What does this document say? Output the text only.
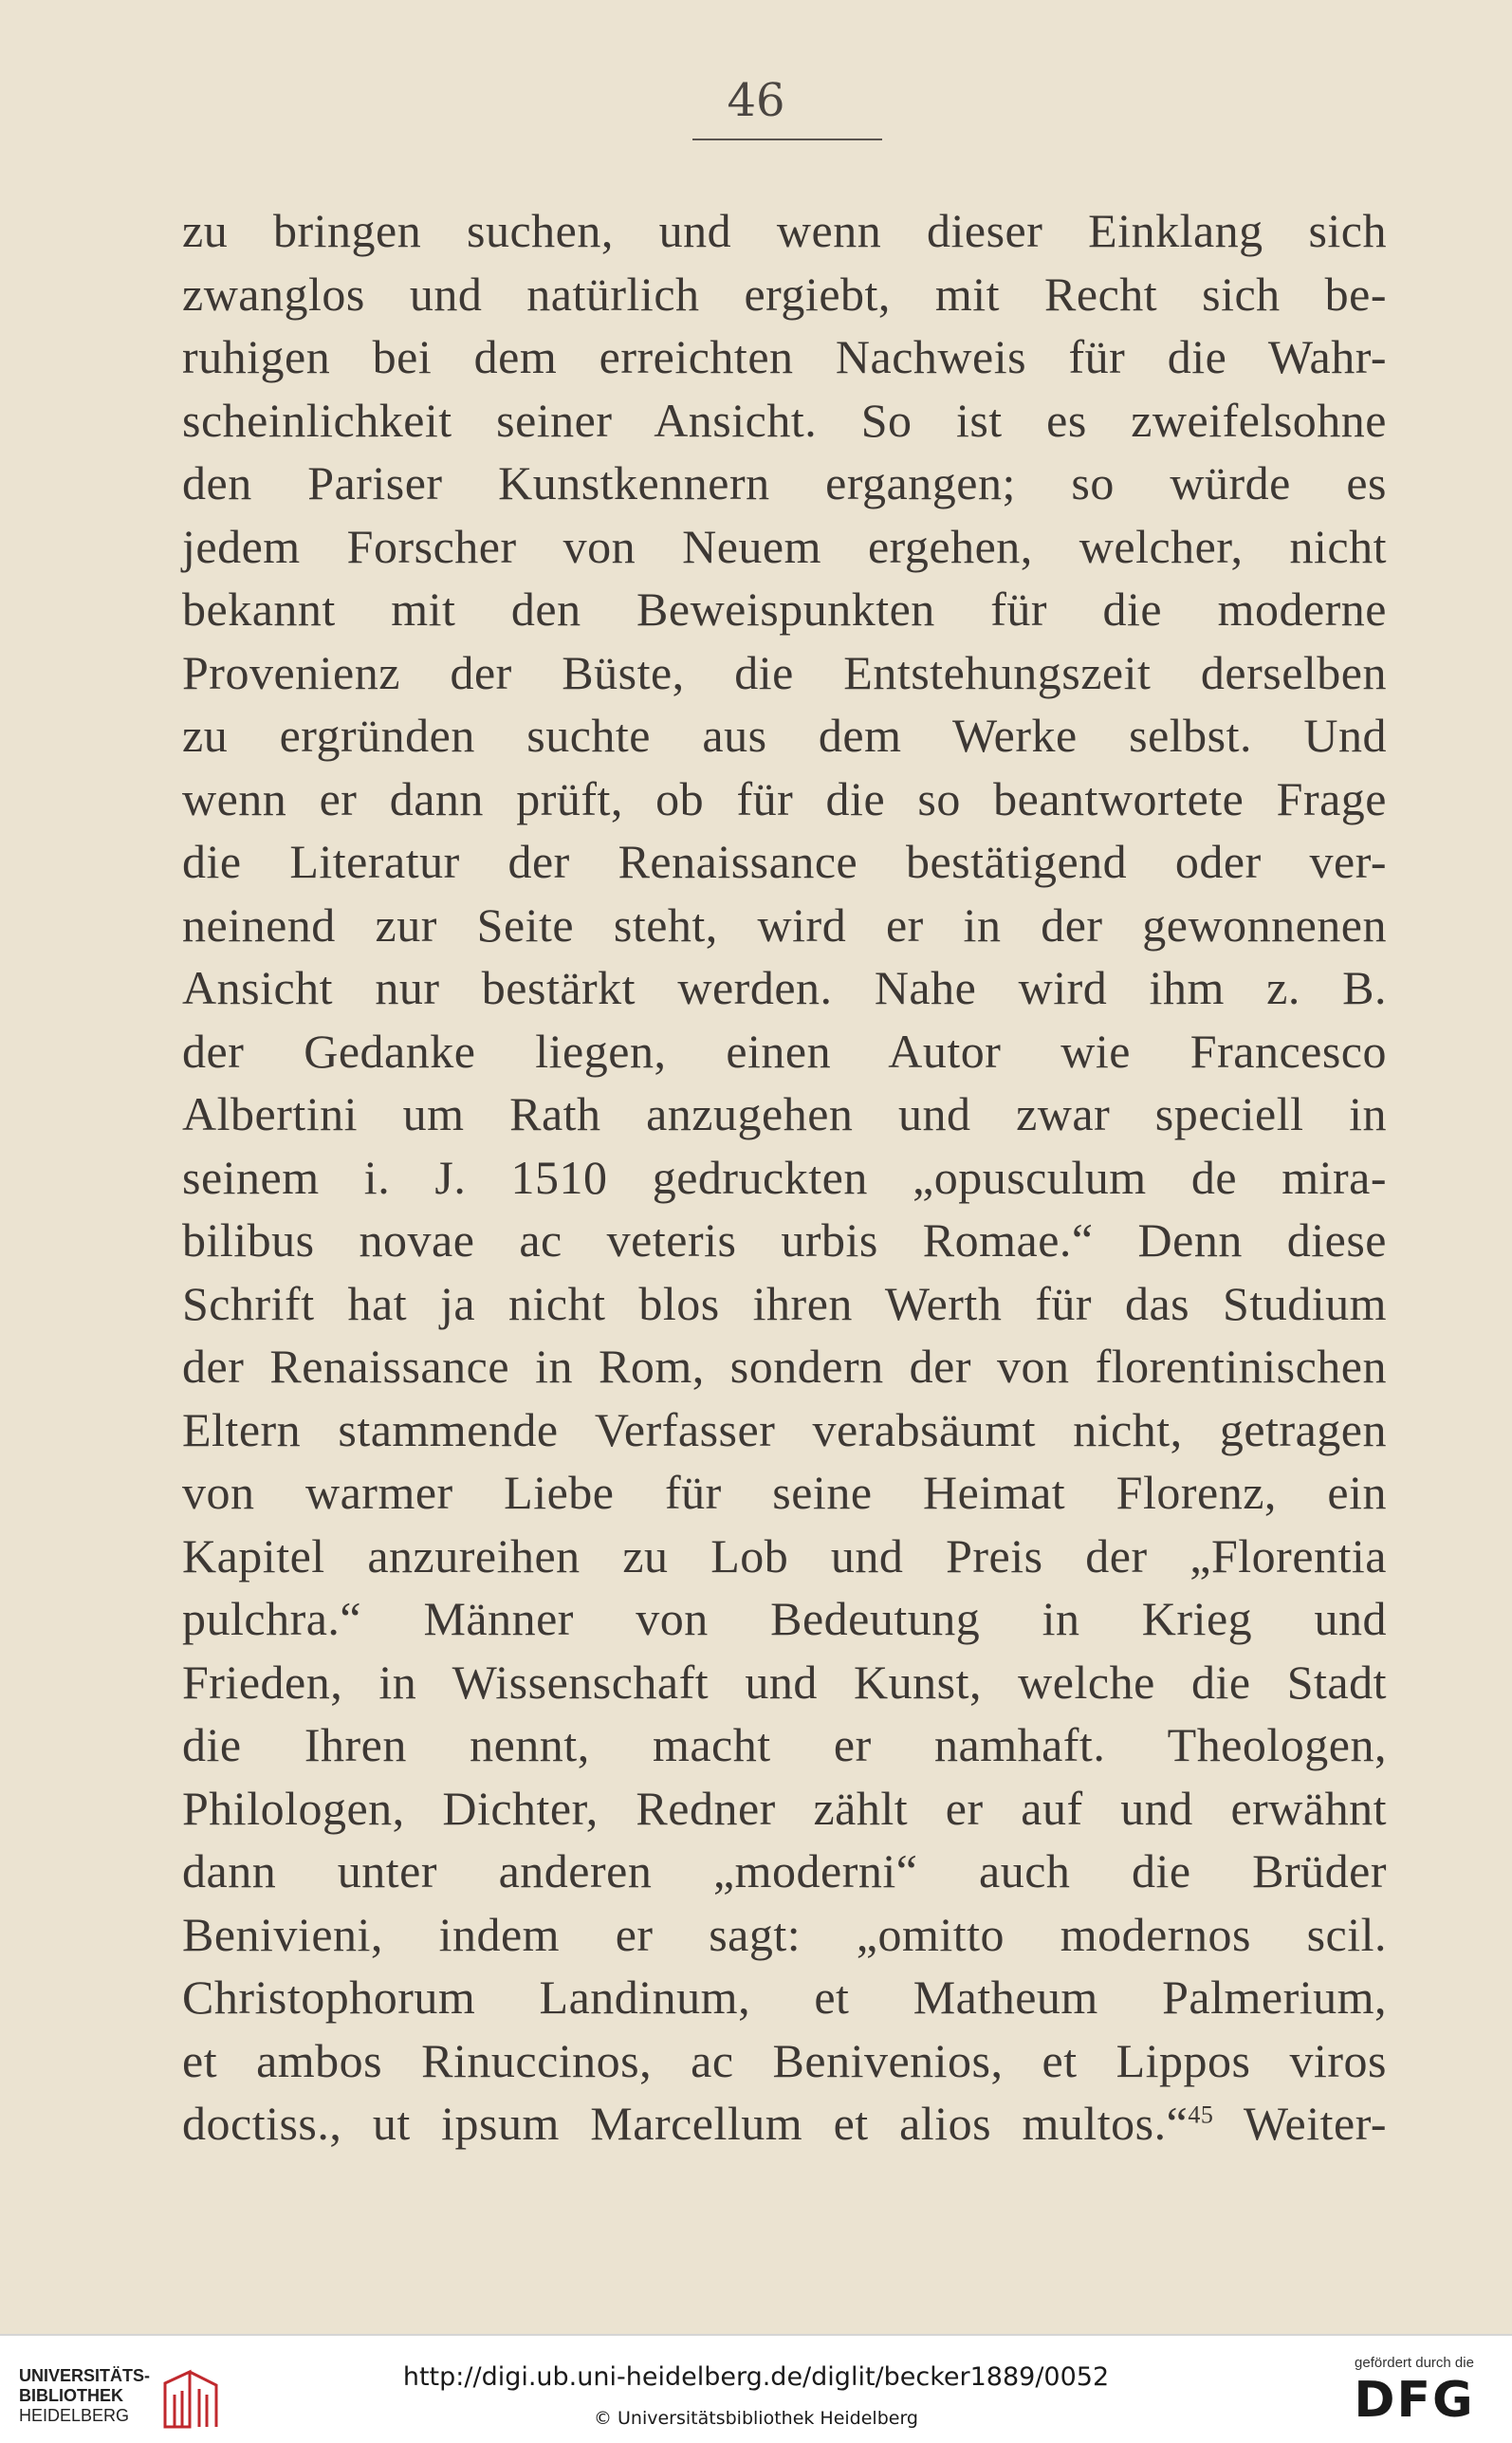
46
zu bringen suchen, und wenn dieser Einklang sich
zwanglos und natürlich ergiebt, mit Recht sich be-
ruhigen bei dem erreichten Nachweis für die Wahr-
scheinlichkeit seiner Ansicht. So ist es zweifelsohne
den Pariser Kunstkennern ergangen; so würde es
jedem Forscher von Neuem ergehen, welcher, nicht
bekannt mit den Beweispunkten für die moderne
Provenienz der Büste, die Entstehungszeit derselben
zu ergründen suchte aus dem Werke selbst. Und
wenn er dann prüft, ob für die so beantwortete Frage
die Literatur der Renaissance bestätigend oder ver-
neinend zur Seite steht, wird er in der gewonnenen
Ansicht nur bestärkt werden. Nahe wird ihm z. B.
der Gedanke liegen, einen Autor wie Francesco
Albertini um Rath anzugehen und zwar speciell in
seinem i. J. 1510 gedruckten „opusculum de mira-
bilibus novae ac veteris urbis Romae.“ Denn diese
Schrift hat ja nicht blos ihren Werth für das Studium
der Renaissance in Rom, sondern der von florentinischen
Eltern stammende Verfasser verabsäumt nicht, getragen
von warmer Liebe für seine Heimat Florenz, ein
Kapitel anzureihen zu Lob und Preis der „Florentia
pulchra.“ Männer von Bedeutung in Krieg und
Frieden, in Wissenschaft und Kunst, welche die Stadt
die Ihren nennt, macht er namhaft. Theologen,
Philologen, Dichter, Redner zählt er auf und erwähnt
dann unter anderen „moderni“ auch die Brüder
Benivieni, indem er sagt: „omitto modernos scil.
Christophorum Landinum, et Matheum Palmerium,
et ambos Rinuccinos, ac Benivenios, et Lippos viros
doctiss., ut ipsum Marcellum et alios multos.“$^{45}$ Weiter-
UNIVERSITÄTS-
BIBLIOTHEK
HEIDELBERG
http://digi.ub.uni-heidelberg.de/diglit/becker1889/0052
© Universitätsbibliothek Heidelberg
gefördert durch die
DFG
